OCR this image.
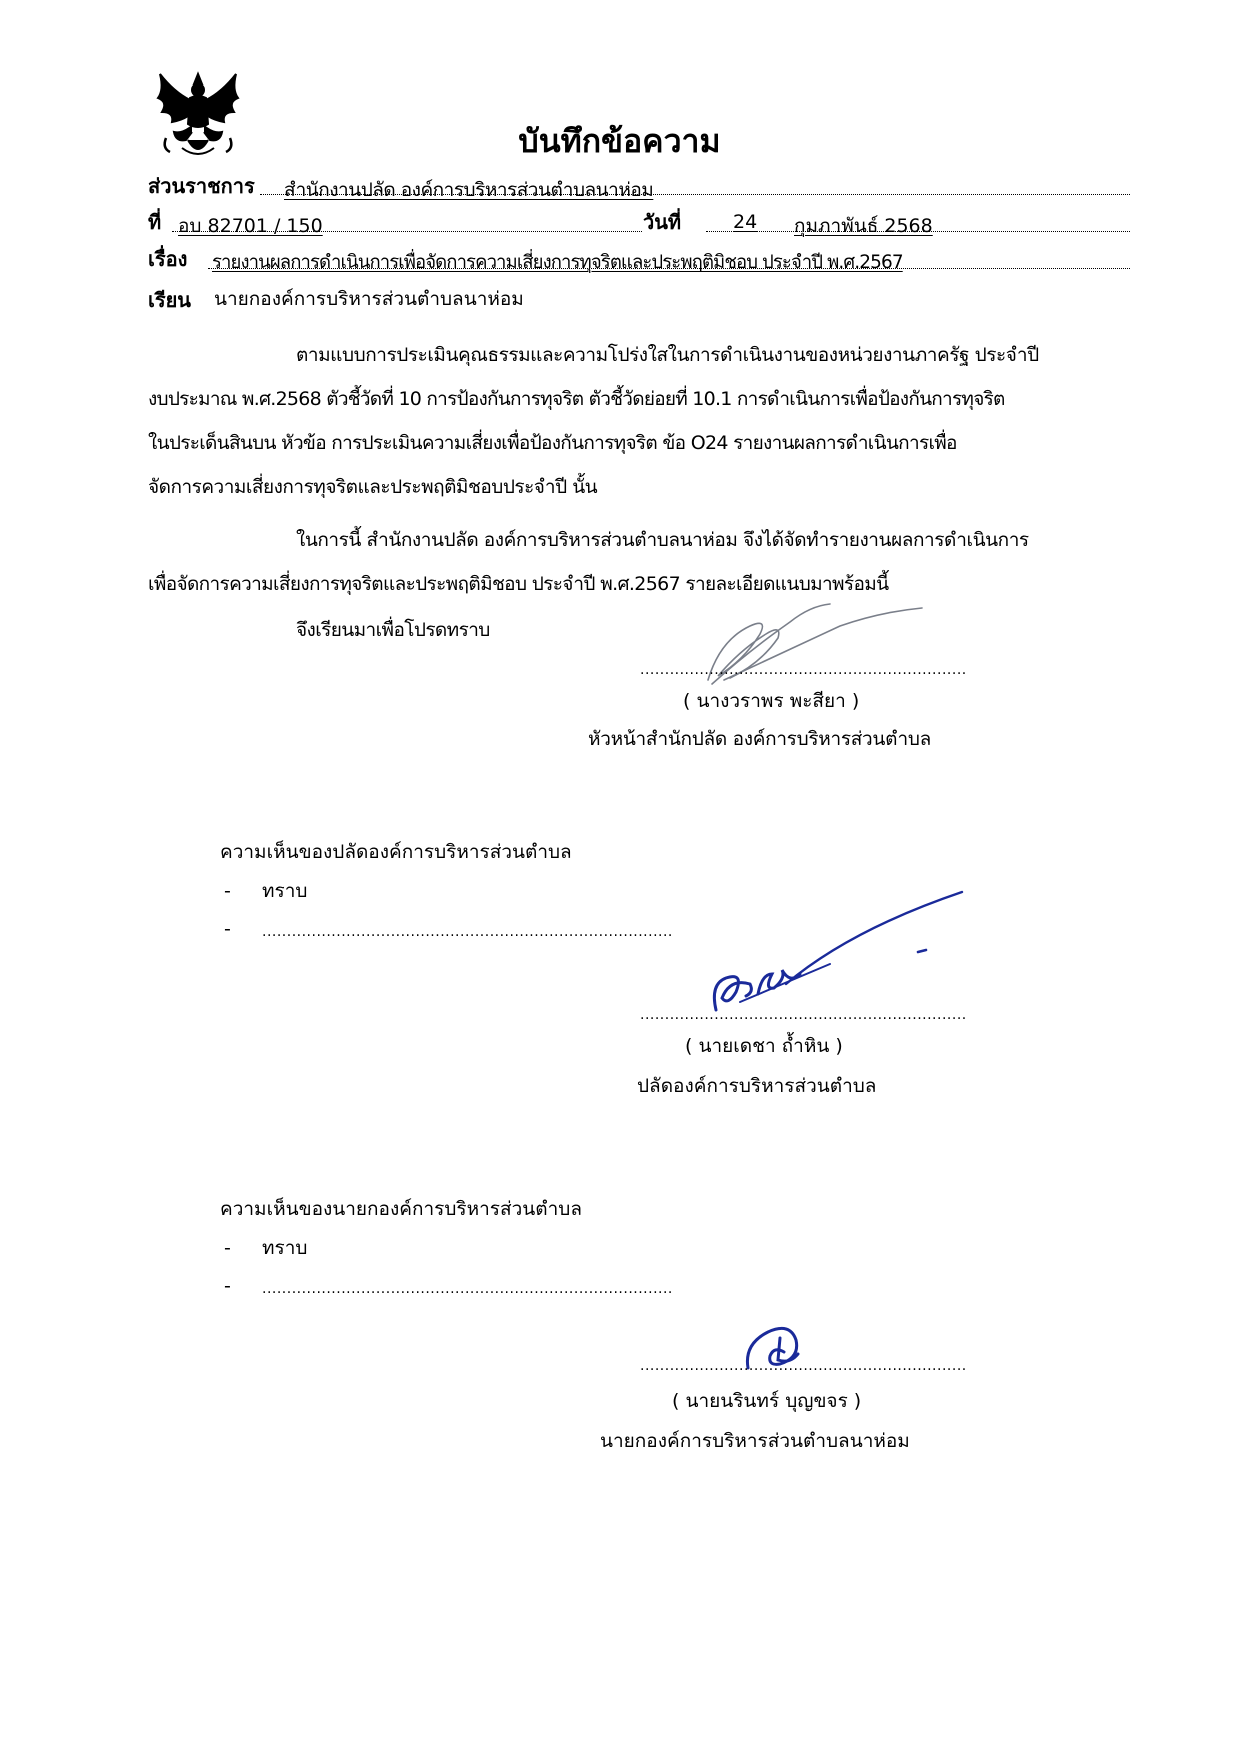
บันทึกข้อความ
ส่วนราชการ สำนักงานปลัด องค์การบริหารส่วนตำบลนาห่อม
ที่ อบ 82701 / 150	วันที่	24 กุมภาพันธ์ 2568
เรื่อง รายงานผลการดำเนินการเพื่อจัดการความเสี่ยงการทุจริตและประพฤติมิชอบ ประจำปี พ.ศ.2567
เรียน นายกองค์การบริหารส่วนตำบลนาห่อม
ตามแบบการประเมินคุณธรรมและความโปร่งใสในการดำเนินงานของหน่วยงานภาครัฐ ประจำปี
งบประมาณ พ.ศ.2568 ตัวชี้วัดที่ 10 การป้องกันการทุจริต ตัวชี้วัดย่อยที่ 10.1 การดำเนินการเพื่อป้องกันการทุจริต
ในประเด็นสินบน หัวข้อ การประเมินความเสี่ยงเพื่อป้องกันการทุจริต ข้อ O24 รายงานผลการดำเนินการเพื่อ
จัดการความเสี่ยงการทุจริตและประพฤติมิชอบประจำปี นั้น
ในการนี้ สำนักงานปลัด องค์การบริหารส่วนตำบลนาห่อม จึงได้จัดทำรายงานผลการดำเนินการ
เพื่อจัดการความเสี่ยงการทุจริตและประพฤติมิชอบ ประจำปี พ.ศ.2567 รายละเอียดแนบมาพร้อมนี้
จึงเรียนมาเพื่อโปรดทราบ
..................................................................
( นางวราพร พะสียา )
หัวหน้าสำนักปลัด องค์การบริหารส่วนตำบล
ความเห็นของปลัดองค์การบริหารส่วนตำบล
- ทราบ
- ...................................................................................
..................................................................
( นายเดชา ถ้ำหิน )
ปลัดองค์การบริหารส่วนตำบล
ความเห็นของนายกองค์การบริหารส่วนตำบล
- ทราบ
- ...................................................................................
..................................................................
( นายนรินทร์ บุญขจร )
นายกองค์การบริหารส่วนตำบลนาห่อม
